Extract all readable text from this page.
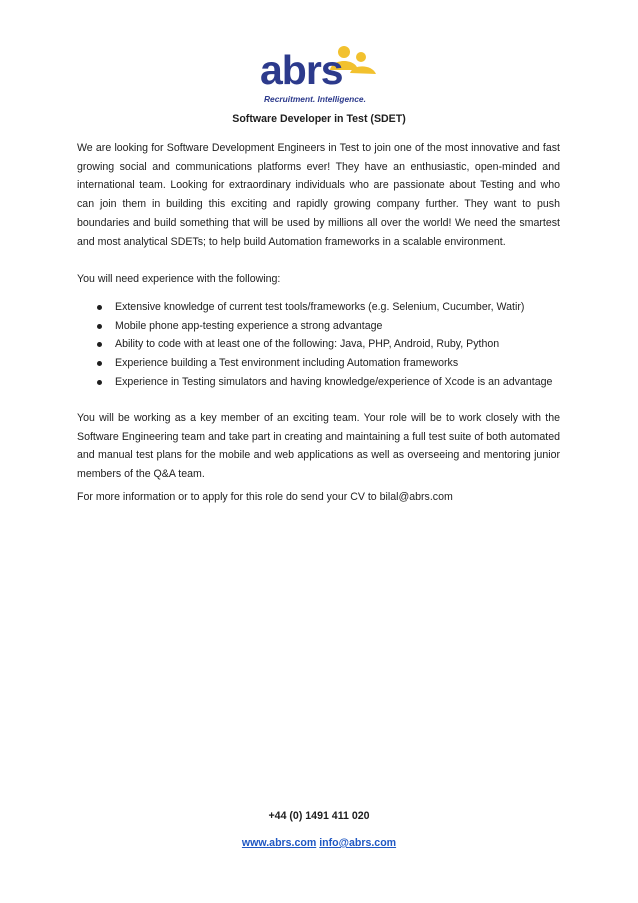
abrs
Recruitment. Intelligence.
Software Developer in Test (SDET)
We are looking for Software Development Engineers in Test to join one of the most innovative and fast growing social and communications platforms ever! They have an enthusiastic, open-minded and international team. Looking for extraordinary individuals who are passionate about Testing and who can join them in building this exciting and rapidly growing company further. They want to push boundaries and build something that will be used by millions all over the world! We need the smartest and most analytical SDETs; to help build Automation frameworks in a scalable environment.
You will need experience with the following:
Extensive knowledge of current test tools/frameworks (e.g. Selenium, Cucumber, Watir)
Mobile phone app-testing experience a strong advantage
Ability to code with at least one of the following: Java, PHP, Android, Ruby, Python
Experience building a Test environment including Automation frameworks
Experience in Testing simulators and having knowledge/experience of Xcode is an advantage
You will be working as a key member of an exciting team. Your role will be to work closely with the Software Engineering team and take part in creating and maintaining a full test suite of both automated and manual test plans for the mobile and web applications as well as overseeing and mentoring junior members of the Q&A team.
For more information or to apply for this role do send your CV to bilal@abrs.com
+44 (0) 1491 411 020
www.abrs.com info@abrs.com
